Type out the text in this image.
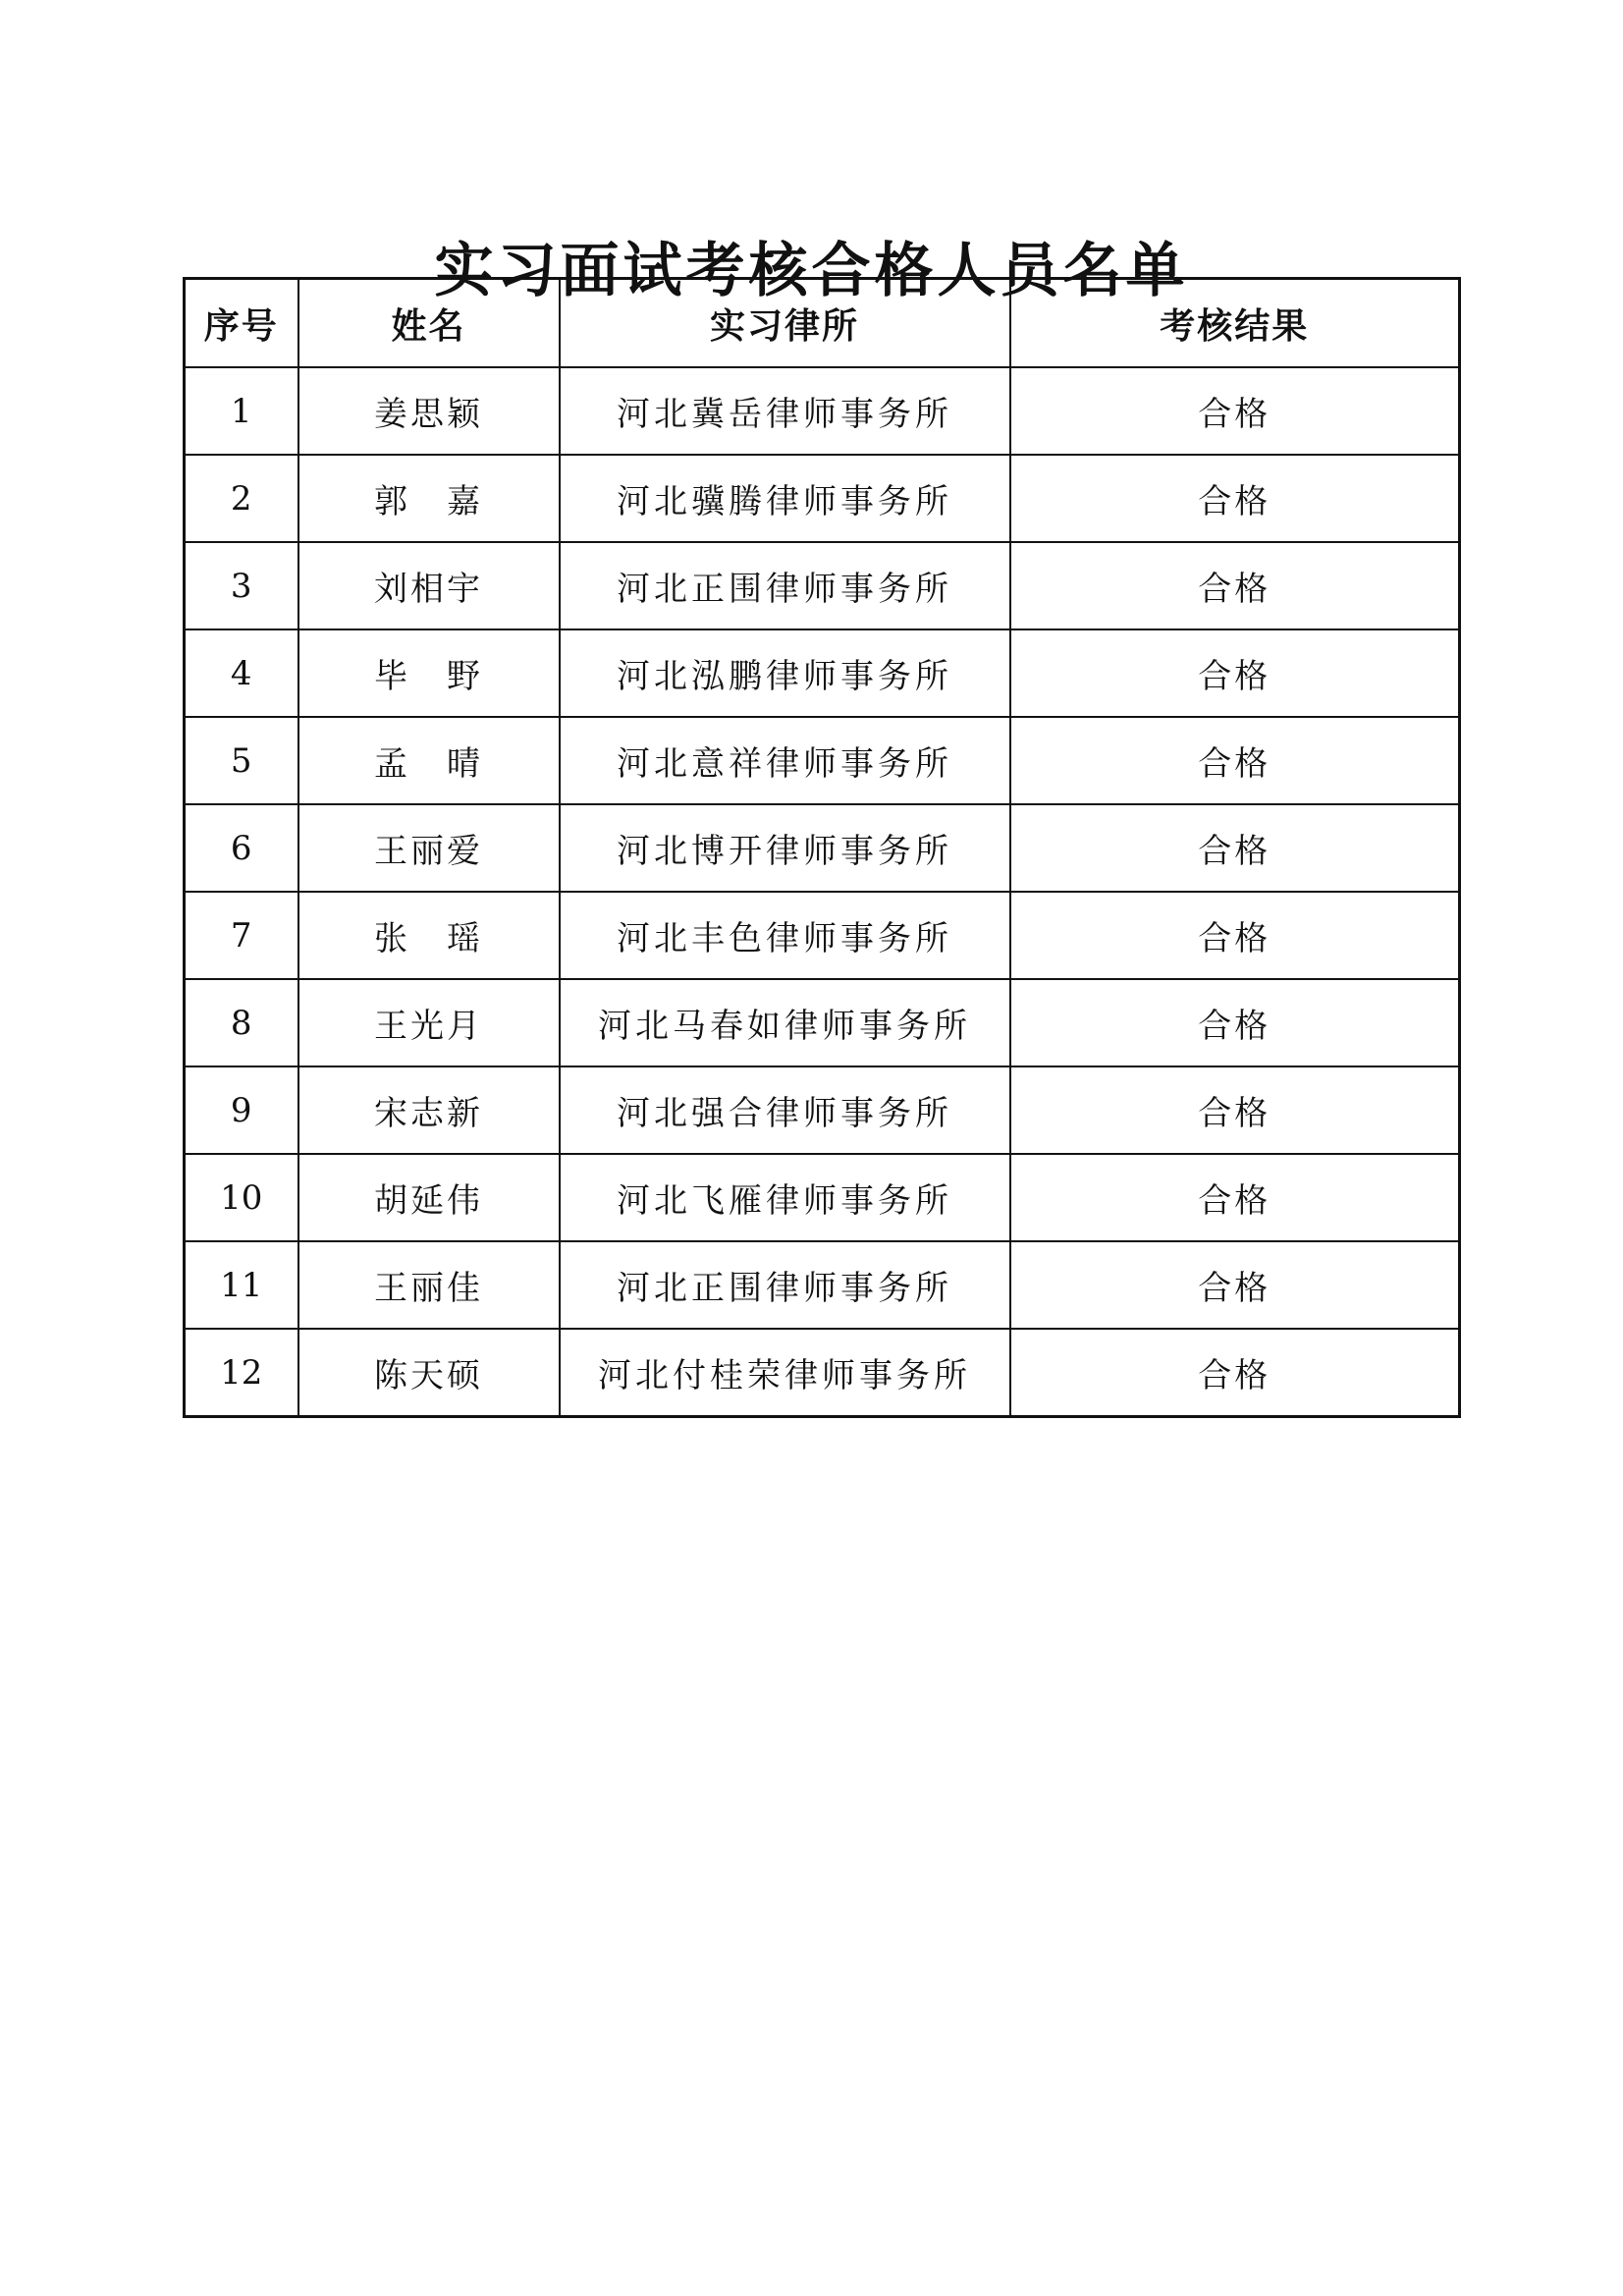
实习面试考核合格人员名单
序号	姓名	实习律所	考核结果
1	姜思颖	河北冀岳律师事务所	合格
2	郭　嘉	河北骥腾律师事务所	合格
3	刘相宇	河北正围律师事务所	合格
4	毕　野	河北泓鹏律师事务所	合格
5	孟　晴	河北意祥律师事务所	合格
6	王丽爱	河北博开律师事务所	合格
7	张　瑶	河北丰色律师事务所	合格
8	王光月	河北马春如律师事务所	合格
9	宋志新	河北强合律师事务所	合格
10	胡延伟	河北飞雁律师事务所	合格
11	王丽佳	河北正围律师事务所	合格
12	陈天硕	河北付桂荣律师事务所	合格
